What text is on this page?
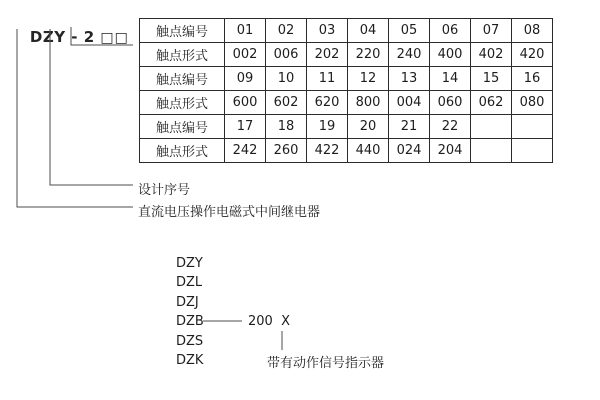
DZY - 2 □□
触点编号	01	02	03	04	05	06	07	08
触点形式	002	006	202	220	240	400	402	420
触点编号	09	10	11	12	13	14	15	16
触点形式	600	602	620	800	004	060	062	080
触点编号	17	18	19	20	21	22		
触点形式	242	260	422	440	024	204		
设计序号
直流电压操作电磁式中间继电器
DZY
DZL
DZJ
DZB
DZS
DZK
200  X
带有动作信号指示器
